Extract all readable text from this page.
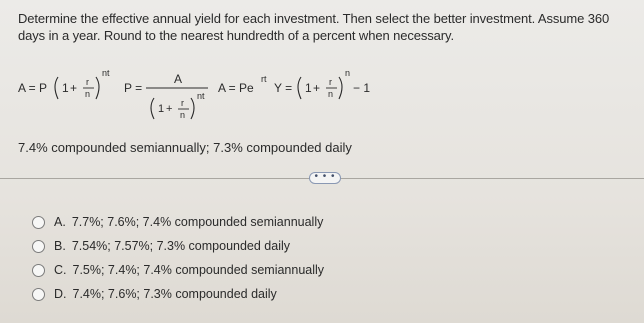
Determine the effective annual yield for each investment. Then select the better investment. Assume 360 days in a year. Round to the nearest hundredth of a percent when necessary.
A = P 1 + r
n
nt
P =
A
1 + r
n
nt
A = Pe
rt
Y = 1 + r
n
n
− 1
7.4% compounded semiannually; 7.3% compounded daily
• • •
A. 7.7%; 7.6%; 7.4% compounded semiannually
B. 7.54%; 7.57%; 7.3% compounded daily
C. 7.5%; 7.4%; 7.4% compounded semiannually
D. 7.4%; 7.6%; 7.3% compounded daily
